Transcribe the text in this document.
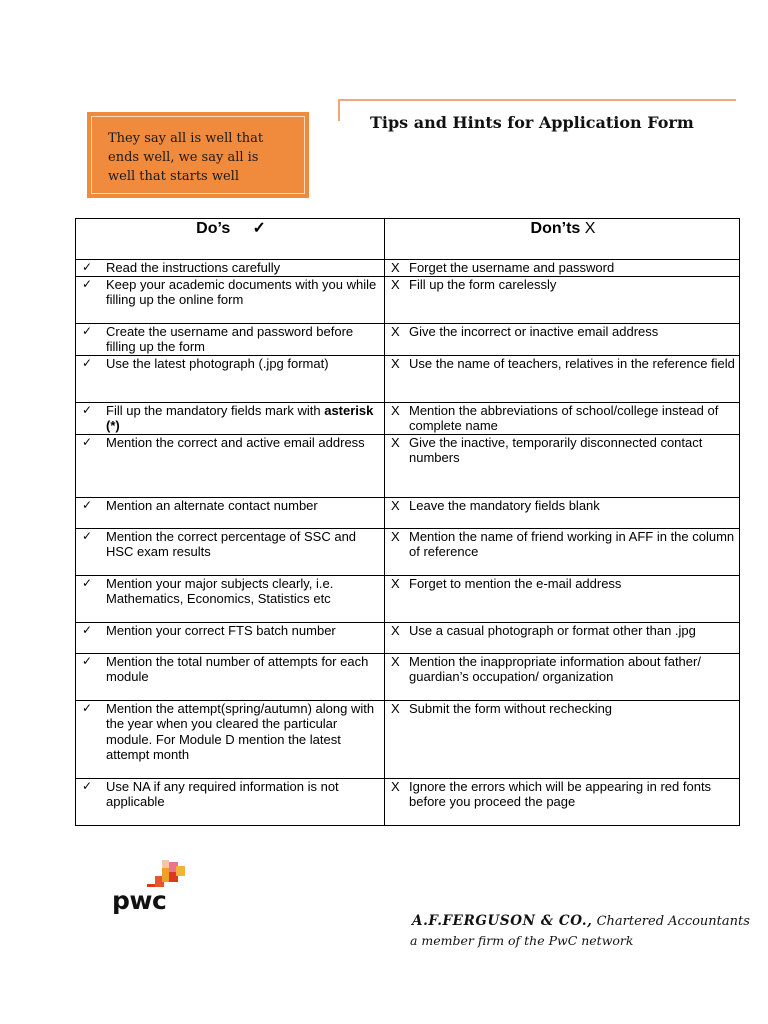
They say all is well that
ends well, we say all is
well that starts well

Tips and Hints for Application Form
Do’s ✓	Don’ts X

✓ Read the instructions carefully	X Forget the username and password

✓ Keep your academic documents with you while filling up the online form	X Fill up the form carelessly

✓ Create the username and password before filling up the form	X Give the incorrect or inactive email address

✓ Use the latest photograph (.jpg format)	X Use the name of teachers, relatives in the reference field

✓ Fill up the mandatory fields mark with asterisk (*)	X Mention the abbreviations of school/college instead of complete name

✓ Mention the correct and active email address	X Give the inactive, temporarily disconnected contact numbers

✓ Mention an alternate contact number	X Leave the mandatory fields blank

✓ Mention the correct percentage of SSC and HSC exam results	X Mention the name of friend working in AFF in the column of reference

✓ Mention your major subjects clearly, i.e. Mathematics, Economics, Statistics etc	X Forget to mention the e-mail address

✓ Mention your correct FTS batch number	X Use a casual photograph or format other than .jpg

✓ Mention the total number of attempts for each module	X Mention the inappropriate information about father/ guardian’s occupation/ organization

✓ Mention the attempt(spring/autumn) along with the year when you cleared the particular module. For Module D mention the latest attempt month	X Submit the form without rechecking

✓ Use NA if any required information is not applicable	X Ignore the errors which will be appearing in red fonts before you proceed the page
pwc

A.F.FERGUSON & CO., Chartered Accountants

a member firm of the PwC network
